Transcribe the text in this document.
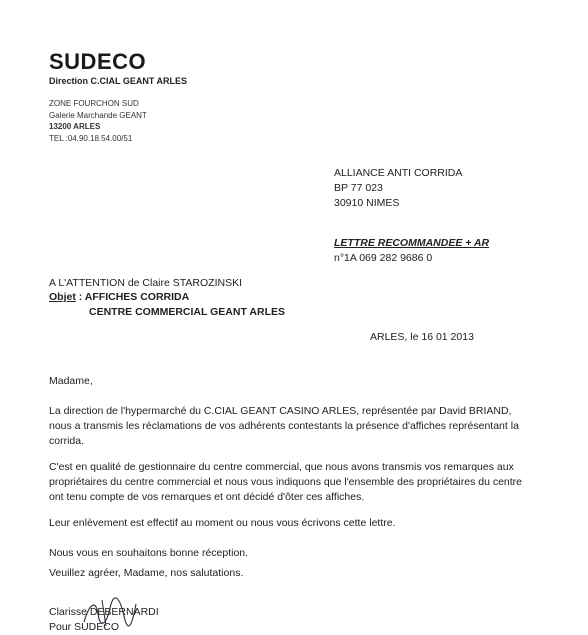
SUDECO
Direction C.CIAL GEANT ARLES
ZONE FOURCHON SUD
Galerie Marchande GEANT
13200 ARLES
TEL :04.90.18.54.00/51
ALLIANCE ANTI CORRIDA
BP 77 023
30910 NIMES
LETTRE RECOMMANDEE + AR
n°1A 069 282 9686 0
A L'ATTENTION de Claire STAROZINSKI
Objet : AFFICHES CORRIDA
CENTRE COMMERCIAL GEANT ARLES
ARLES, le 16 01 2013
Madame,
La direction de l'hypermarché du C.CIAL GEANT CASINO ARLES, représentée par David BRIAND,
nous a transmis les réclamations de vos adhérents contestants la présence d'affiches représentant la
corrida.
C'est en qualité de gestionnaire du centre commercial, que nous avons transmis vos remarques aux
propriétaires du centre commercial et nous vous indiquons que l'ensemble des propriétaires du centre
ont tenu compte de vos remarques et ont décidé d'ôter ces affiches.
Leur enlèvement est effectif au moment ou nous vous écrivons cette lettre.
Nous vous en souhaitons bonne réception.
Veuillez agréer, Madame, nos salutations.
Clarisse DEBERNARDI
Pour SUDECO
